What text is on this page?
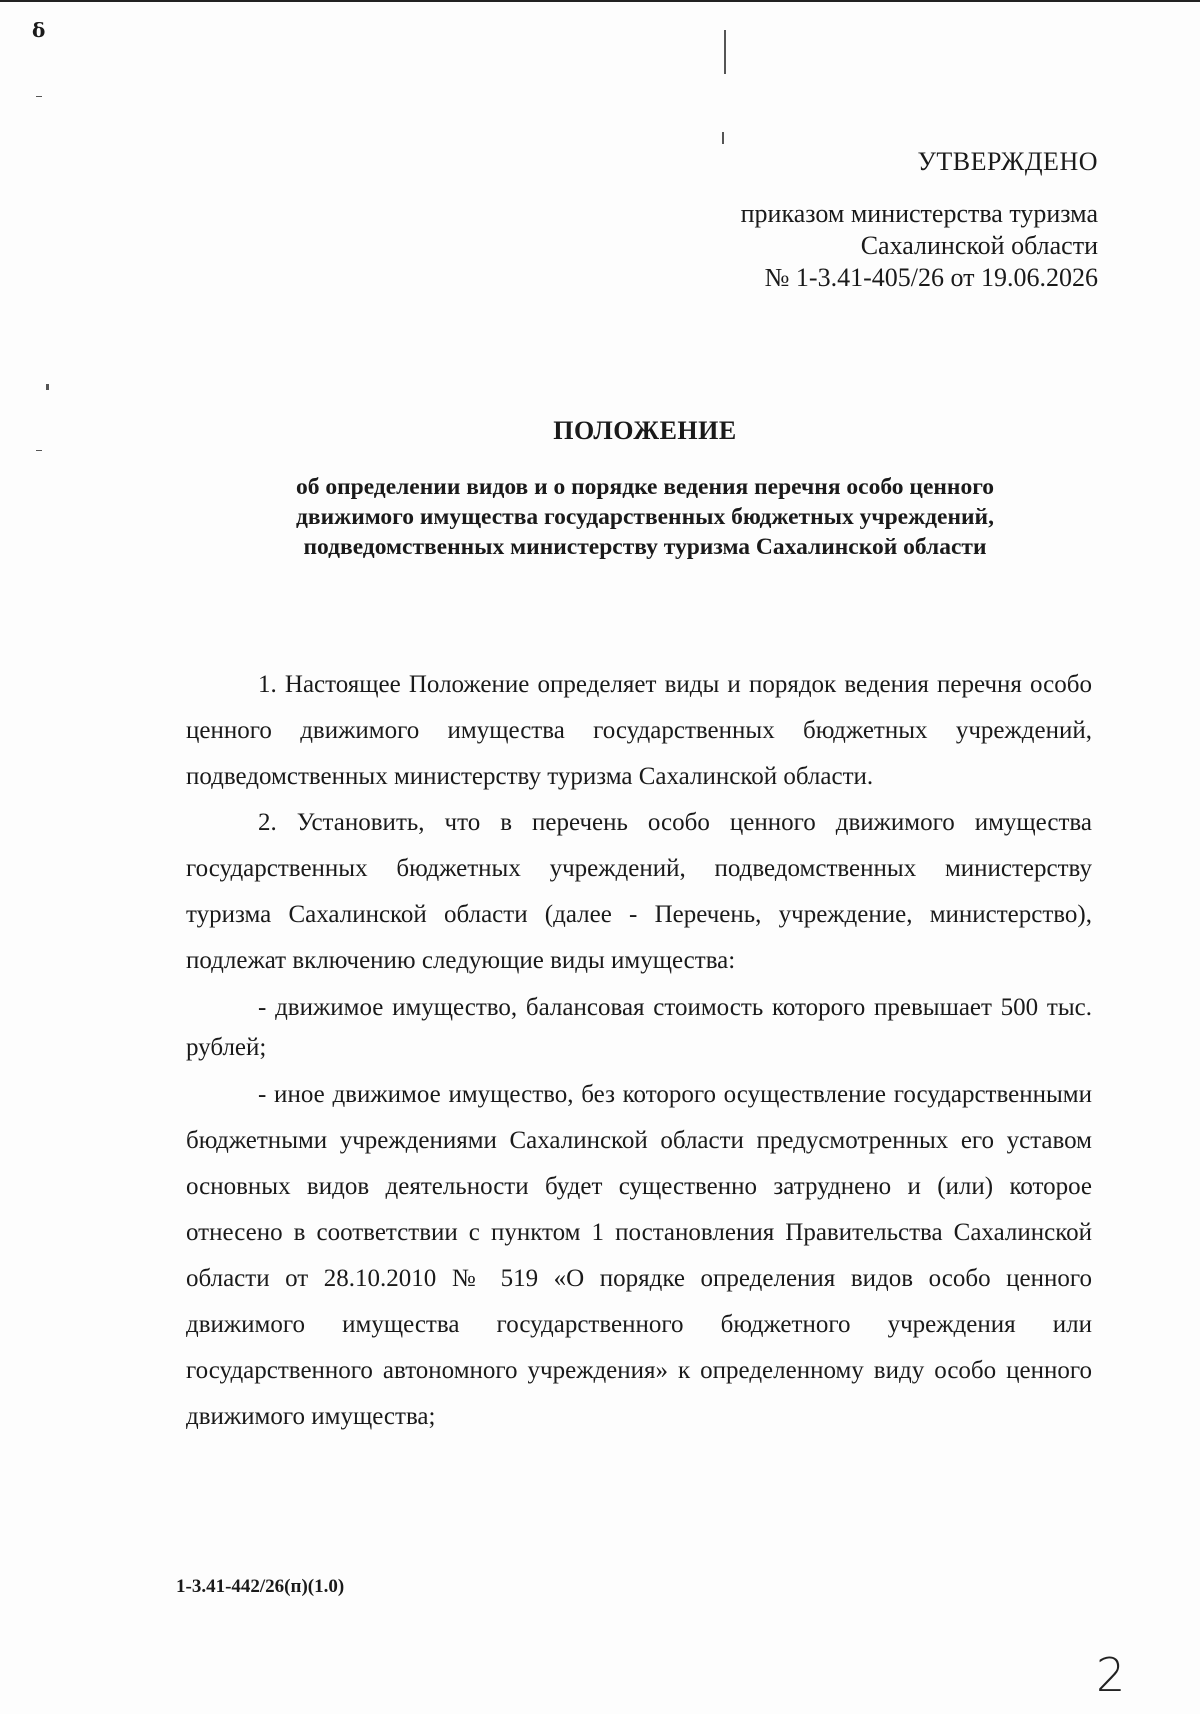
ẟ
УТВЕРЖДЕНО
приказом министерства туризма
Сахалинской области
№ 1-3.41-405/26 от 19.06.2026
ПОЛОЖЕНИЕ
об определении видов и о порядке ведения перечня особо ценного
движимого имущества государственных бюджетных учреждений,
подведомственных министерству туризма Сахалинской области

1. Настоящее Положение определяет виды и порядок ведения перечня особо ценного движимого имущества государственных бюджетных учреждений, подведомственных министерству туризма Сахалинской области.

2. Установить, что в перечень особо ценного движимого имущества государственных бюджетных учреждений, подведомственных министерству туризма Сахалинской области (далее - Перечень, учреждение, министерство), подлежат включению следующие виды имущества:

- движимое имущество, балансовая стоимость которого превышает 500 тыс. рублей;

- иное движимое имущество, без которого осуществление государственными бюджетными учреждениями Сахалинской области предусмотренных его уставом основных видов деятельности будет существенно затруднено и (или) которое отнесено в соответствии с пунктом 1 постановления Правительства Сахалинской области от 28.10.2010 № 519 «О порядке определения видов особо ценного движимого имущества государственного бюджетного учреждения или государственного автономного учреждения» к определенному виду особо ценного движимого имущества;

1-3.41-442/26(п)(1.0)
2
